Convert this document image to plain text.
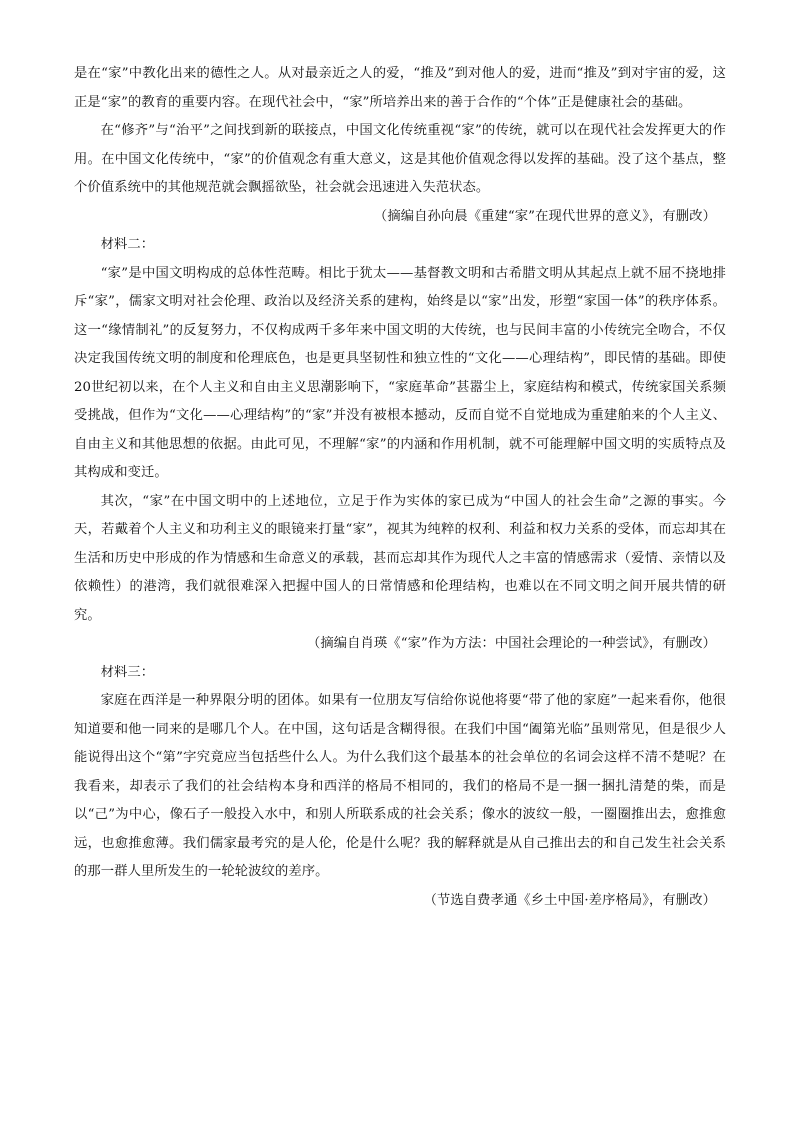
是在“家”中教化出来的德性之人。从对最亲近之人的爱，“推及”到对他人的爱，进而“推及”到对宇宙的爱，这正是“家”的教育的重要内容。在现代社会中，“家”所培养出来的善于合作的“个体”正是健康社会的基础。

在“修齐”与“治平”之间找到新的联接点，中国文化传统重视“家”的传统，就可以在现代社会发挥更大的作用。在中国文化传统中，“家”的价值观念有重大意义，这是其他价值观念得以发挥的基础。没了这个基点，整个价值系统中的其他规范就会飘摇欲坠，社会就会迅速进入失范状态。

（摘编自孙向晨《重建“家”在现代世界的意义》，有删改）

材料二：

“家”是中国文明构成的总体性范畴。相比于犹太——基督教文明和古希腊文明从其起点上就不屈不挠地排斥“家”，儒家文明对社会伦理、政治以及经济关系的建构，始终是以“家”出发，形塑“家国一体”的秩序体系。这一“缘情制礼”的反复努力，不仅构成两千多年来中国文明的大传统，也与民间丰富的小传统完全吻合，不仅决定我国传统文明的制度和伦理底色，也是更具坚韧性和独立性的“文化——心理结构”，即民情的基础。即使20世纪初以来，在个人主义和自由主义思潮影响下，“家庭革命”甚嚣尘上，家庭结构和模式，传统家国关系频受挑战，但作为“文化——心理结构”的“家”并没有被根本撼动，反而自觉不自觉地成为重建舶来的个人主义、自由主义和其他思想的依据。由此可见，不理解“家”的内涵和作用机制，就不可能理解中国文明的实质特点及其构成和变迁。

其次，“家”在中国文明中的上述地位，立足于作为实体的家已成为“中国人的社会生命”之源的事实。今天，若戴着个人主义和功利主义的眼镜来打量“家”，视其为纯粹的权利、利益和权力关系的受体，而忘却其在生活和历史中形成的作为情感和生命意义的承载，甚而忘却其作为现代人之丰富的情感需求（爱情、亲情以及依赖性）的港湾，我们就很难深入把握中国人的日常情感和伦理结构，也难以在不同文明之间开展共情的研究。

（摘编自肖瑛《“家”作为方法：中国社会理论的一种尝试》，有删改）

材料三：

家庭在西洋是一种界限分明的团体。如果有一位朋友写信给你说他将要“带了他的家庭”一起来看你，他很知道要和他一同来的是哪几个人。在中国，这句话是含糊得很。在我们中国“阖第光临”虽则常见，但是很少人能说得出这个“第”字究竟应当包括些什么人。为什么我们这个最基本的社会单位的名词会这样不清不楚呢？在我看来，却表示了我们的社会结构本身和西洋的格局不相同的，我们的格局不是一捆一捆扎清楚的柴，而是以“己”为中心，像石子一般投入水中，和别人所联系成的社会关系；像水的波纹一般，一圈圈推出去，愈推愈远，也愈推愈薄。我们儒家最考究的是人伦，伦是什么呢？我的解释就是从自己推出去的和自己发生社会关系的那一群人里所发生的一轮轮波纹的差序。

（节选自费孝通《乡土中国·差序格局》，有删改）
